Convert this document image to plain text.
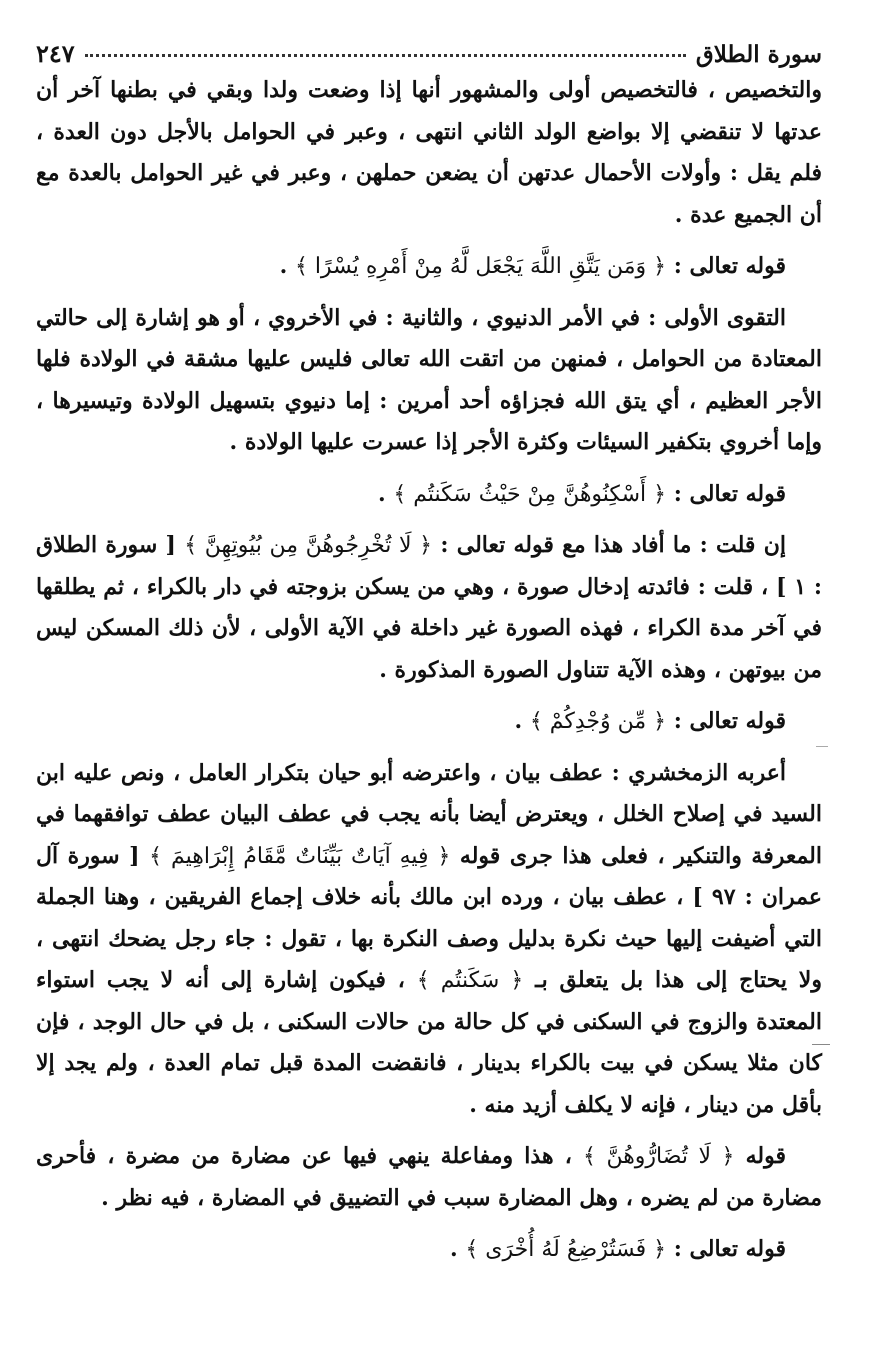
سورة الطلاق
٢٤٧

والتخصيص ، فالتخصيص أولى والمشهور أنها إذا وضعت ولدا وبقي في بطنها آخر أن عدتها لا تنقضي إلا بواضع الولد الثاني انتهى ، وعبر في الحوامل بالأجل دون العدة ، فلم يقل : وأولات الأحمال عدتهن أن يضعن حملهن ، وعبر في غير الحوامل بالعدة مع أن الجميع عدة .

قوله تعالى : ﴿ وَمَن يَتَّقِ اللَّهَ يَجْعَل لَّهُ مِنْ أَمْرِهِ يُسْرًا ﴾ .

التقوى الأولى : في الأمر الدنيوي ، والثانية : في الأخروي ، أو هو إشارة إلى حالتي المعتادة من الحوامل ، فمنهن من اتقت الله تعالى فليس عليها مشقة في الولادة فلها الأجر العظيم ، أي يتق الله فجزاؤه أحد أمرين : إما دنيوي بتسهيل الولادة وتيسيرها ، وإما أخروي بتكفير السيئات وكثرة الأجر إذا عسرت عليها الولادة .

قوله تعالى : ﴿ أَسْكِنُوهُنَّ مِنْ حَيْثُ سَكَنتُم ﴾ .

إن قلت : ما أفاد هذا مع قوله تعالى : ﴿ لَا تُخْرِجُوهُنَّ مِن بُيُوتِهِنَّ ﴾ [ سورة الطلاق : ١ ] ، قلت : فائدته إدخال صورة ، وهي من يسكن بزوجته في دار بالكراء ، ثم يطلقها في آخر مدة الكراء ، فهذه الصورة غير داخلة في الآية الأولى ، لأن ذلك المسكن ليس من بيوتهن ، وهذه الآية تتناول الصورة المذكورة .

قوله تعالى : ﴿ مِّن وُجْدِكُمْ ﴾ .

أعربه الزمخشري : عطف بيان ، واعترضه أبو حيان بتكرار العامل ، ونص عليه ابن السيد في إصلاح الخلل ، ويعترض أيضا بأنه يجب في عطف البيان عطف توافقهما في المعرفة والتنكير ، فعلى هذا جرى قوله ﴿ فِيهِ آيَاتٌ بَيِّنَاتٌ مَّقَامُ إِبْرَاهِيمَ ﴾ [ سورة آل عمران : ٩٧ ] ، عطف بيان ، ورده ابن مالك بأنه خلاف إجماع الفريقين ، وهنا الجملة التي أضيفت إليها حيث نكرة بدليل وصف النكرة بها ، تقول : جاء رجل يضحك انتهى ، ولا يحتاج إلى هذا بل يتعلق بـ ﴿ سَكَنتُم ﴾ ، فيكون إشارة إلى أنه لا يجب استواء المعتدة والزوج في السكنى في كل حالة من حالات السكنى ، بل في حال الوجد ، فإن كان مثلا يسكن في بيت بالكراء بدينار ، فانقضت المدة قبل تمام العدة ، ولم يجد إلا بأقل من دينار ، فإنه لا يكلف أزيد منه .

قوله ﴿ لَا تُضَارُّوهُنَّ ﴾ ، هذا ومفاعلة ينهي فيها عن مضارة من مضرة ، فأحرى مضارة من لم يضره ، وهل المضارة سبب في التضييق في المضارة ، فيه نظر .

قوله تعالى : ﴿ فَسَتُرْضِعُ لَهُ أُخْرَى ﴾ .
